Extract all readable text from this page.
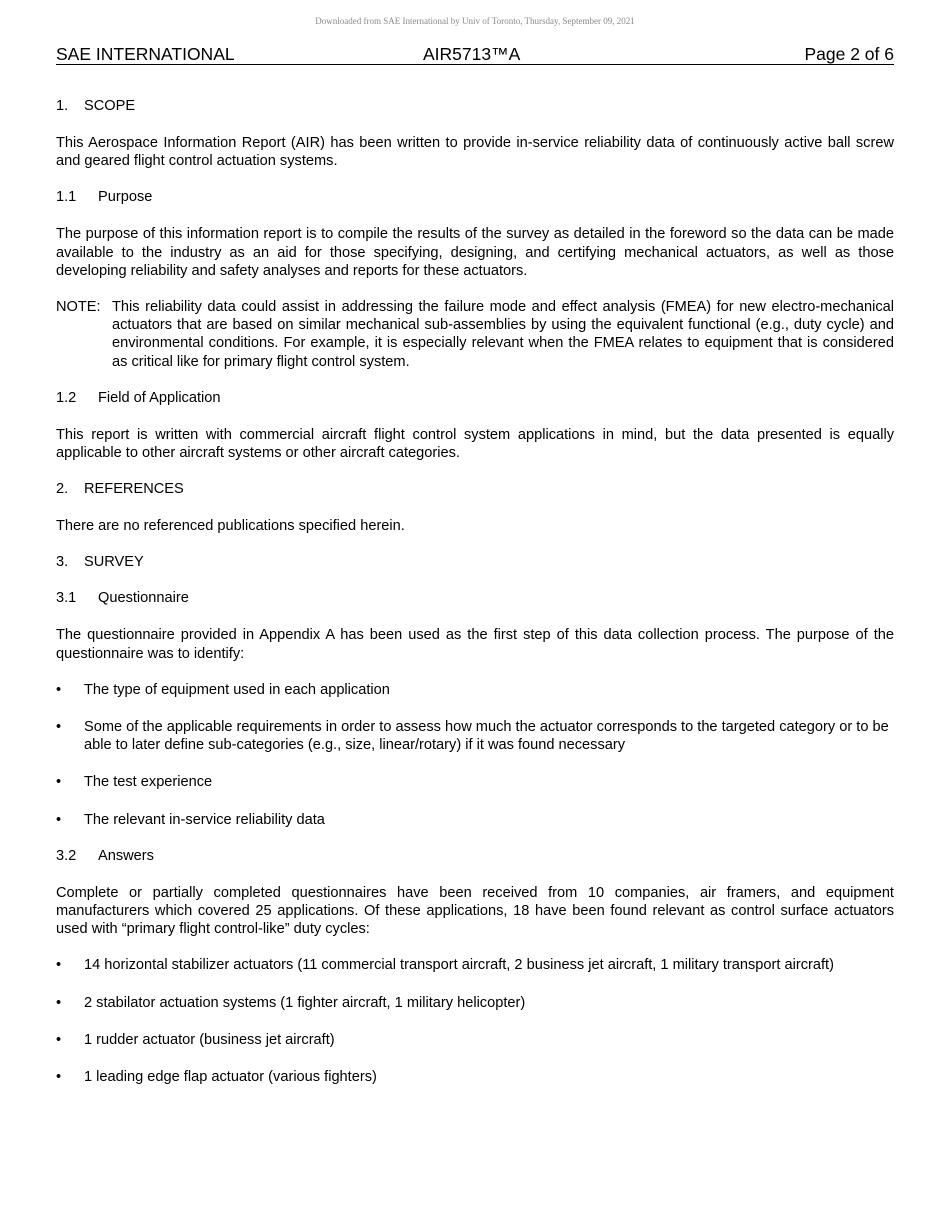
Downloaded from SAE International by Univ of Toronto, Thursday, September 09, 2021
SAE INTERNATIONAL	AIR5713™A	Page 2 of 6
1. SCOPE

This Aerospace Information Report (AIR) has been written to provide in-service reliability data of continuously active ball screw and geared flight control actuation systems.

1.1 Purpose

The purpose of this information report is to compile the results of the survey as detailed in the foreword so the data can be made available to the industry as an aid for those specifying, designing, and certifying mechanical actuators, as well as those developing reliability and safety analyses and reports for these actuators.

NOTE: This reliability data could assist in addressing the failure mode and effect analysis (FMEA) for new electro-mechanical actuators that are based on similar mechanical sub-assemblies by using the equivalent functional (e.g., duty cycle) and environmental conditions. For example, it is especially relevant when the FMEA relates to equipment that is considered as critical like for primary flight control system.
1.2 Field of Application

This report is written with commercial aircraft flight control system applications in mind, but the data presented is equally applicable to other aircraft systems or other aircraft categories.

2. REFERENCES

There are no referenced publications specified herein.

3. SURVEY
3.1 Questionnaire

The questionnaire provided in Appendix A has been used as the first step of this data collection process. The purpose of the questionnaire was to identify:

•	The type of equipment used in each application
•	Some of the applicable requirements in order to assess how much the actuator corresponds to the targeted category or to be able to later define sub-categories (e.g., size, linear/rotary) if it was found necessary
•	The test experience
•	The relevant in-service reliability data
3.2 Answers

Complete or partially completed questionnaires have been received from 10 companies, air framers, and equipment manufacturers which covered 25 applications. Of these applications, 18 have been found relevant as control surface actuators used with “primary flight control-like” duty cycles:

•	14 horizontal stabilizer actuators (11 commercial transport aircraft, 2 business jet aircraft, 1 military transport aircraft)
•	2 stabilator actuation systems (1 fighter aircraft, 1 military helicopter)
•	1 rudder actuator (business jet aircraft)
•	1 leading edge flap actuator (various fighters)
